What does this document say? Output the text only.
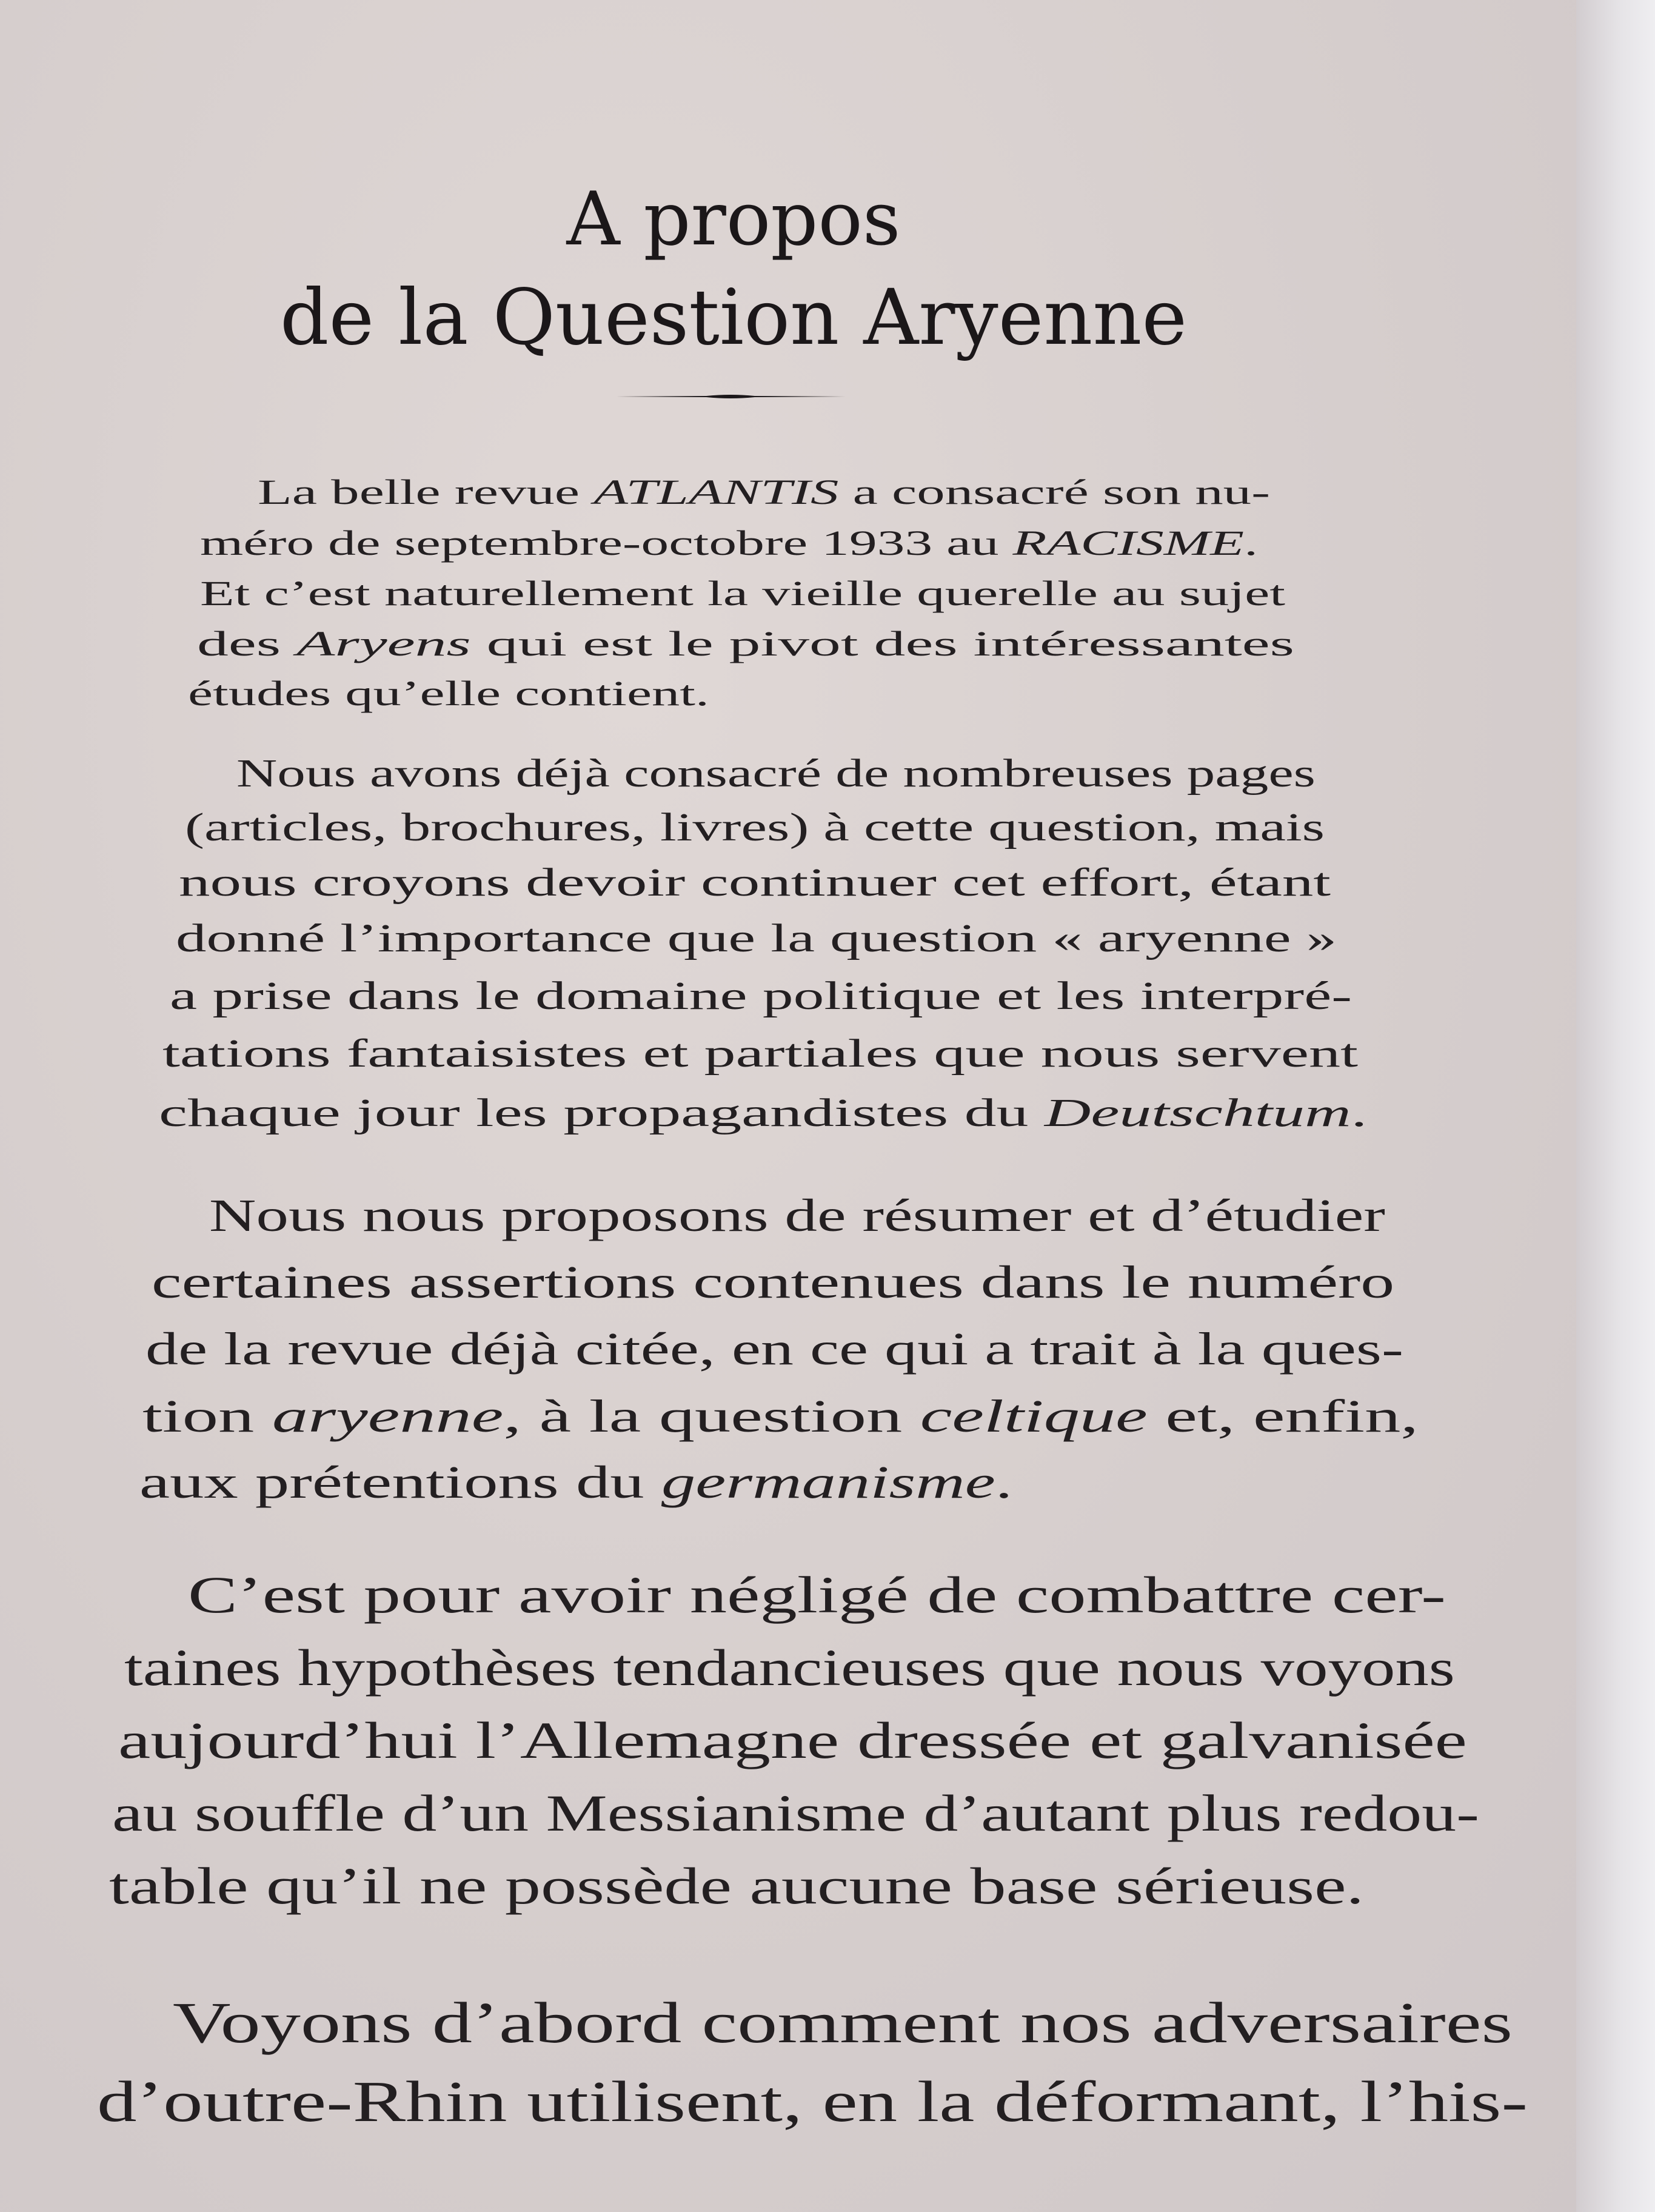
A propos
de la Question Aryenne
La belle revue ATLANTIS a consacré son nu-
méro de septembre-octobre 1933 au RACISME.
Et c’est naturellement la vieille querelle au sujet
des Aryens qui est le pivot des intéressantes
études qu’elle contient.
Nous avons déjà consacré de nombreuses pages
(articles, brochures, livres) à cette question, mais
nous croyons devoir continuer cet effort, étant
donné l’importance que la question « aryenne »
a prise dans le domaine politique et les interpré-
tations fantaisistes et partiales que nous servent
chaque jour les propagandistes du Deutschtum.
Nous nous proposons de résumer et d’étudier
certaines assertions contenues dans le numéro
de la revue déjà citée, en ce qui a trait à la ques-
tion aryenne, à la question celtique et, enfin,
aux prétentions du germanisme.
C’est pour avoir négligé de combattre cer-
taines hypothèses tendancieuses que nous voyons
aujourd’hui l’Allemagne dressée et galvanisée
au souffle d’un Messianisme d’autant plus redou-
table qu’il ne possède aucune base sérieuse.
Voyons d’abord comment nos adversaires
d’outre-Rhin utilisent, en la déformant, l’his-
